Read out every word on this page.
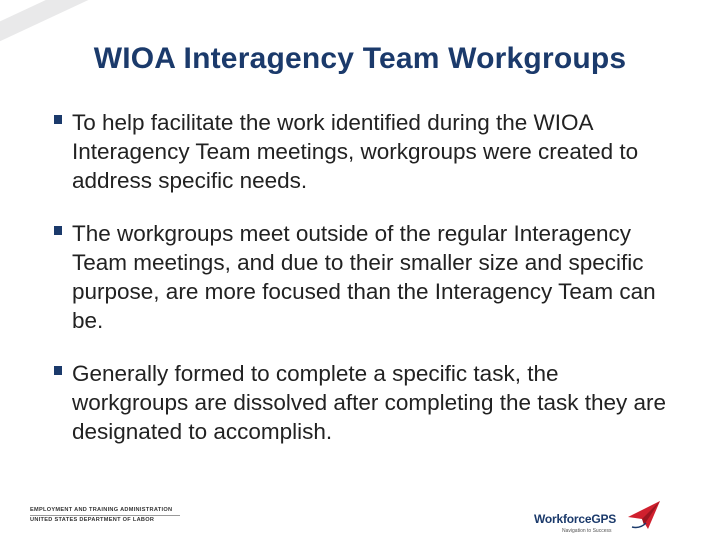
WIOA Interagency Team Workgroups
To help facilitate the work identified during the WIOA Interagency Team meetings, workgroups were created to address specific needs.
The workgroups meet outside of the regular Interagency Team meetings, and due to their smaller size and specific purpose, are more focused than the Interagency Team can be.
Generally formed to complete a specific task, the workgroups are dissolved after completing the task they are designated to accomplish.
EMPLOYMENT AND TRAINING ADMINISTRATION
UNITED STATES DEPARTMENT OF LABOR	WorkforceGPS
Navigation to Success
